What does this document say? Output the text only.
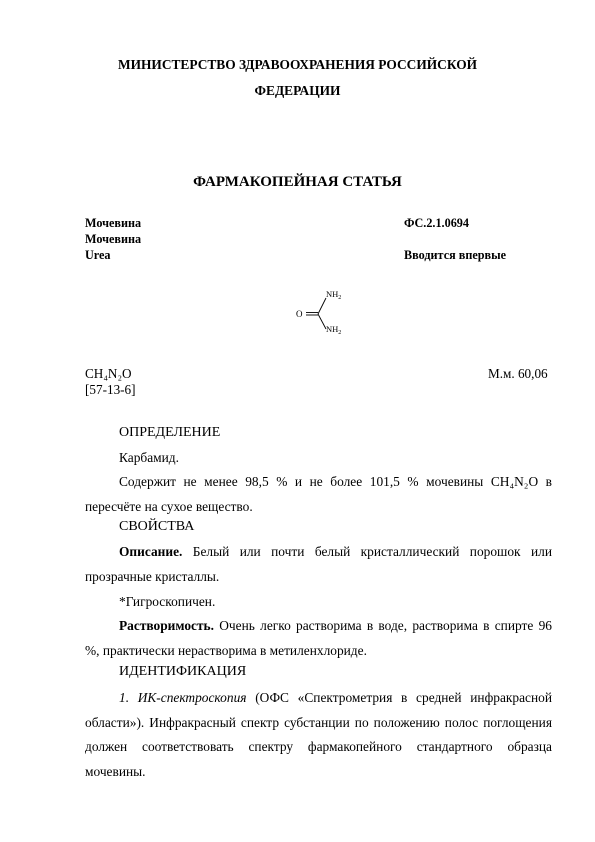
МИНИСТЕРСТВО ЗДРАВООХРАНЕНИЯ РОССИЙСКОЙ
ФЕДЕРАЦИИ
ФАРМАКОПЕЙНАЯ СТАТЬЯ
Мочевина
Мочевина
Urea
ФС.2.1.0694
Вводится впервые
O
$NH_2$
$NH_2$
CH₄N₂O	М.м. 60,06
[57-13-6]
ОПРЕДЕЛЕНИЕ
Карбамид.
Содержит не менее 98,5 % и не более 101,5 % мочевины CH₄N₂O в пересчёте на сухое вещество.
СВОЙСТВА
Описание. Белый или почти белый кристаллический порошок или прозрачные кристаллы.
*Гигроскопичен.
Растворимость. Очень легко растворима в воде, растворима в спирте 96 %, практически нерастворима в метиленхлориде.
ИДЕНТИФИКАЦИЯ
1. ИК-спектроскопия (ОФС «Спектрометрия в средней инфракрасной области»). Инфракрасный спектр субстанции по положению полос поглощения должен соответствовать спектру фармакопейного стандартного образца мочевины.
